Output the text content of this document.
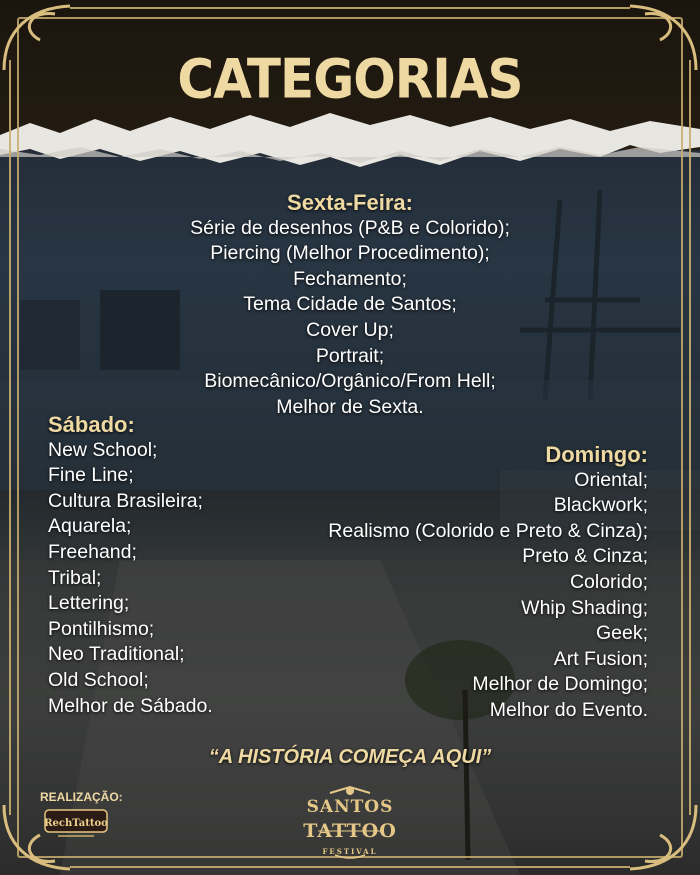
CATEGORIAS
Sexta-Feira:
Série de desenhos (P&B e Colorido);
Piercing (Melhor Procedimento);
Fechamento;
Tema Cidade de Santos;
Cover Up;
Portrait;
Biomecânico/Orgânico/From Hell;
Melhor de Sexta.
Sábado:
New School;
Fine Line;
Cultura Brasileira;
Aquarela;
Freehand;
Tribal;
Lettering;
Pontilhismo;
Neo Traditional;
Old School;
Melhor de Sábado.
Domingo:
Oriental;
Blackwork;
Realismo (Colorido e Preto & Cinza);
Preto & Cinza;
Colorido;
Whip Shading;
Geek;
Art Fusion;
Melhor de Domingo;
Melhor do Evento.
“A HISTÓRIA COMEÇA AQUI”
REALIZAÇÃO:
RechTattoo
SANTOS
TATTOO
FESTIVAL
